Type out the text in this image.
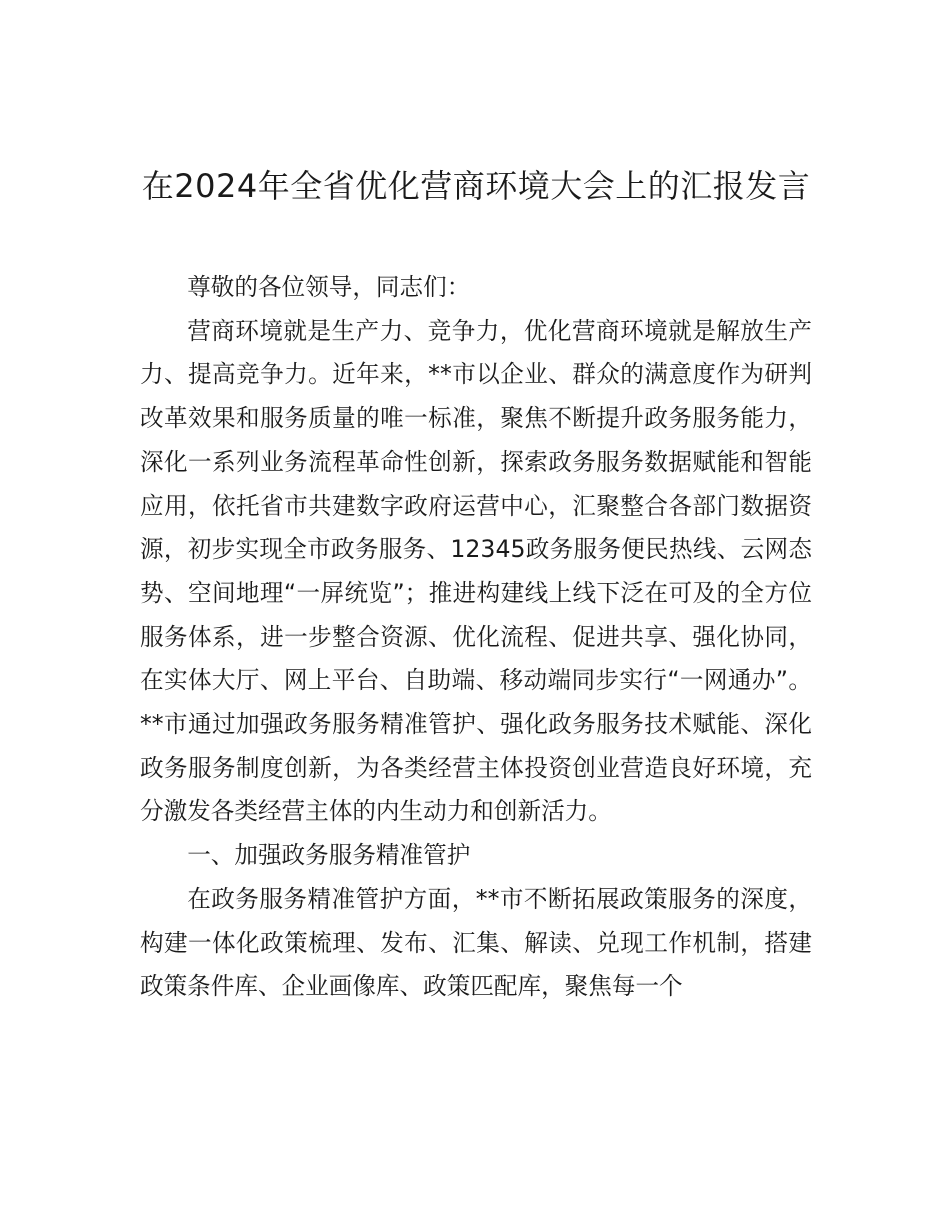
在2024年全省优化营商环境大会上的汇报发言

尊敬的各位领导，同志们：

营商环境就是生产力、竞争力，优化营商环境就是解放生产力、提高竞争力。近年来，**市以企业、群众的满意度作为研判改革效果和服务质量的唯一标准，聚焦不断提升政务服务能力，深化一系列业务流程革命性创新，探索政务服务数据赋能和智能应用，依托省市共建数字政府运营中心，汇聚整合各部门数据资源，初步实现全市政务服务、12345政务服务便民热线、云网态势、空间地理“一屏统览”；推进构建线上线下泛在可及的全方位服务体系，进一步整合资源、优化流程、促进共享、强化协同，在实体大厅、网上平台、自助端、移动端同步实行“一网通办”。**市通过加强政务服务精准管护、强化政务服务技术赋能、深化政务服务制度创新，为各类经营主体投资创业营造良好环境，充分激发各类经营主体的内生动力和创新活力。

一、加强政务服务精准管护

在政务服务精准管护方面，**市不断拓展政策服务的深度，构建一体化政策梳理、发布、汇集、解读、兑现工作机制，搭建政策条件库、企业画像库、政策匹配库，聚焦每一个
